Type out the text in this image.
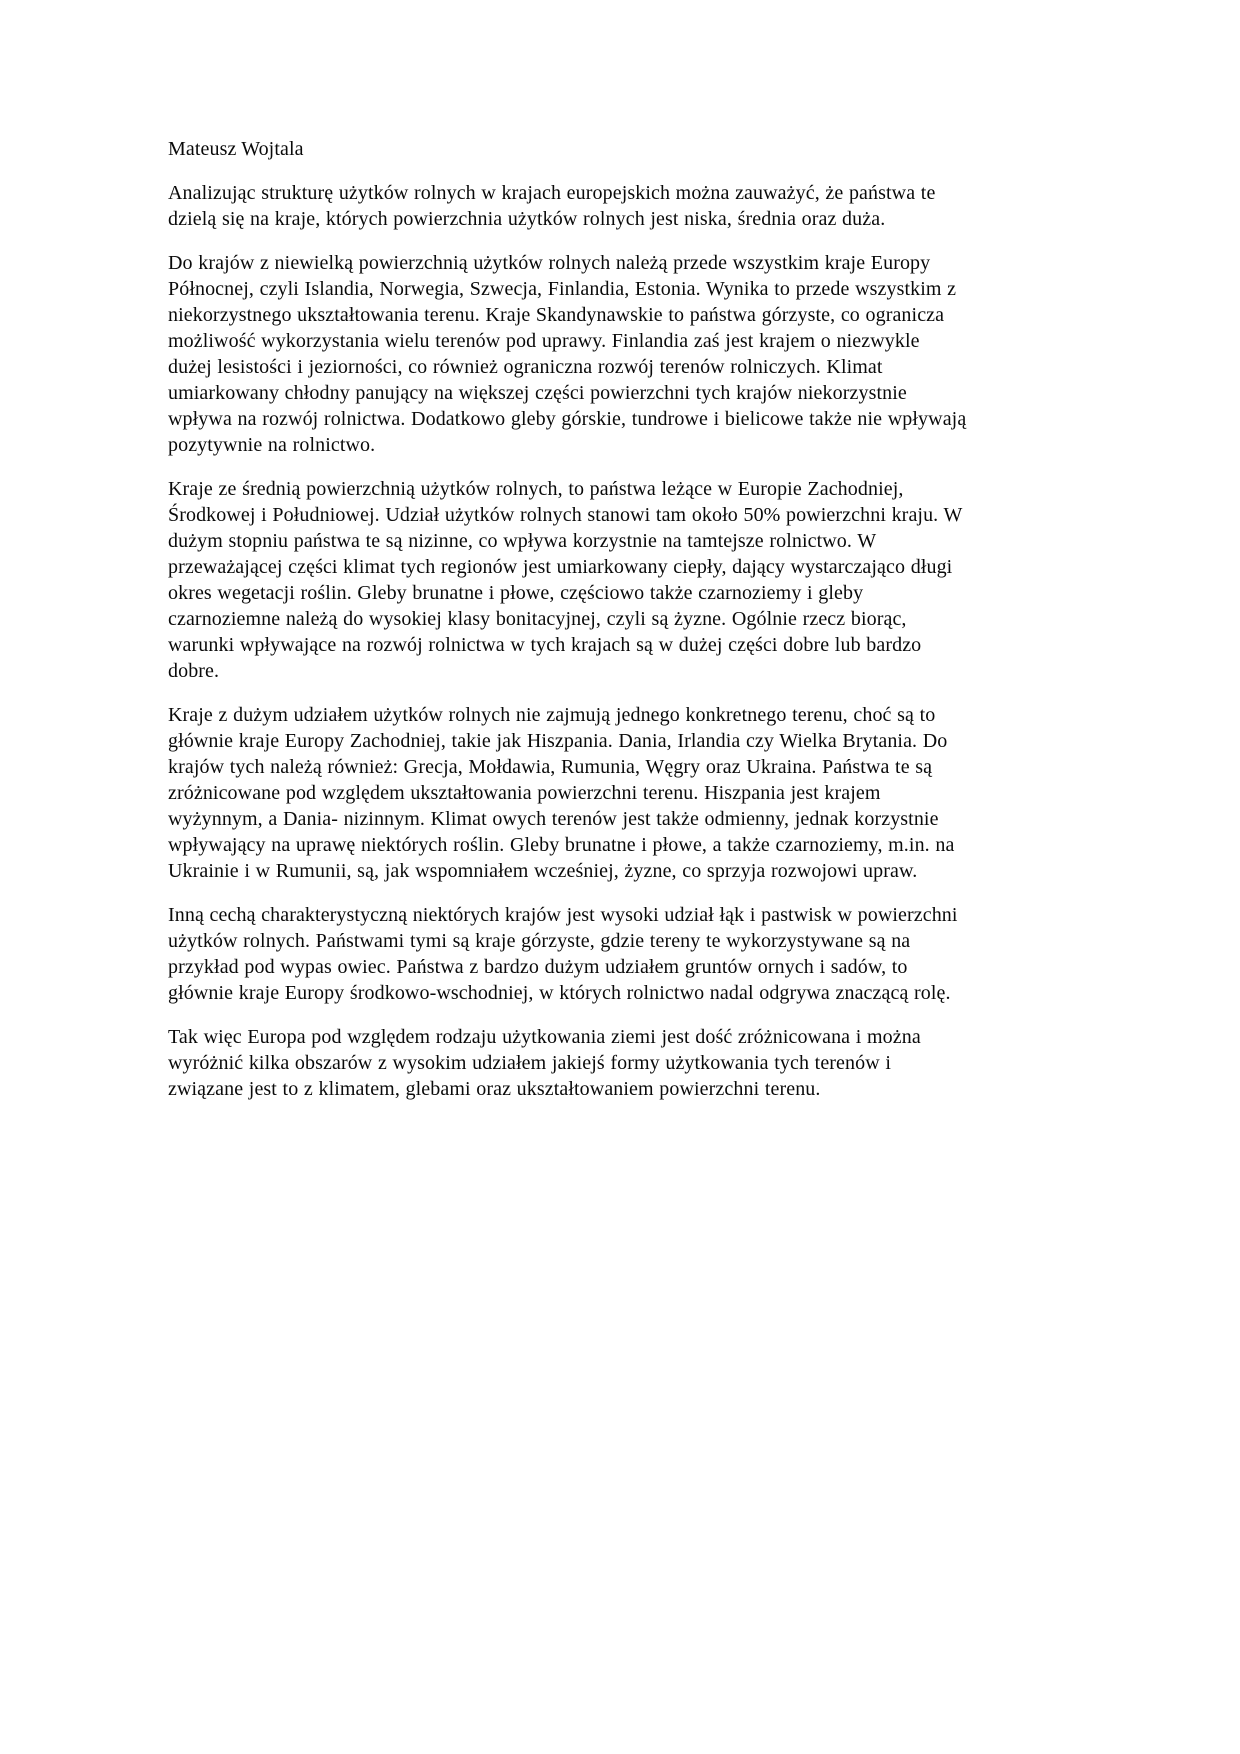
Mateusz Wojtala

Analizując strukturę użytków rolnych w krajach europejskich można zauważyć, że państwa te dzielą się na kraje, których powierzchnia użytków rolnych jest niska, średnia oraz duża.

Do krajów z niewielką powierzchnią użytków rolnych należą przede wszystkim kraje Europy Północnej, czyli Islandia, Norwegia, Szwecja, Finlandia, Estonia. Wynika to przede wszystkim z niekorzystnego ukształtowania terenu. Kraje Skandynawskie to państwa górzyste, co ogranicza możliwość wykorzystania wielu terenów pod uprawy. Finlandia zaś jest krajem o niezwykle dużej lesistości i jeziorności, co również ograniczna rozwój terenów rolniczych. Klimat umiarkowany chłodny panujący na większej części powierzchni tych krajów niekorzystnie wpływa na rozwój rolnictwa. Dodatkowo gleby górskie, tundrowe i bielicowe także nie wpływają pozytywnie na rolnictwo.

Kraje ze średnią powierzchnią użytków rolnych, to państwa leżące w Europie Zachodniej, Środkowej i Południowej. Udział użytków rolnych stanowi tam około 50% powierzchni kraju. W dużym stopniu państwa te są nizinne, co wpływa korzystnie na tamtejsze rolnictwo. W przeważającej części klimat tych regionów jest umiarkowany ciepły, dający wystarczająco długi okres wegetacji roślin. Gleby brunatne i płowe, częściowo także czarnoziemy i gleby czarnoziemne należą do wysokiej klasy bonitacyjnej, czyli są żyzne. Ogólnie rzecz biorąc, warunki wpływające na rozwój rolnictwa w tych krajach są w dużej części dobre lub bardzo dobre.

Kraje z dużym udziałem użytków rolnych nie zajmują jednego konkretnego terenu, choć są to głównie kraje Europy Zachodniej, takie jak Hiszpania. Dania, Irlandia czy Wielka Brytania. Do krajów tych należą również: Grecja, Mołdawia, Rumunia, Węgry oraz Ukraina. Państwa te są zróżnicowane pod względem ukształtowania powierzchni terenu. Hiszpania jest krajem wyżynnym, a Dania- nizinnym. Klimat owych terenów jest także odmienny, jednak korzystnie wpływający na uprawę niektórych roślin. Gleby brunatne i płowe, a także czarnoziemy, m.in. na Ukrainie i w Rumunii, są, jak wspomniałem wcześniej, żyzne, co sprzyja rozwojowi upraw.

Inną cechą charakterystyczną niektórych krajów jest wysoki udział łąk i pastwisk w powierzchni użytków rolnych. Państwami tymi są kraje górzyste, gdzie tereny te wykorzystywane są na przykład pod wypas owiec. Państwa z bardzo dużym udziałem gruntów ornych i sadów, to głównie kraje Europy środkowo-wschodniej, w których rolnictwo nadal odgrywa znaczącą rolę.

Tak więc Europa pod względem rodzaju użytkowania ziemi jest dość zróżnicowana i można wyróżnić kilka obszarów z wysokim udziałem jakiejś formy użytkowania tych terenów i związane jest to z klimatem, glebami oraz ukształtowaniem powierzchni terenu.
